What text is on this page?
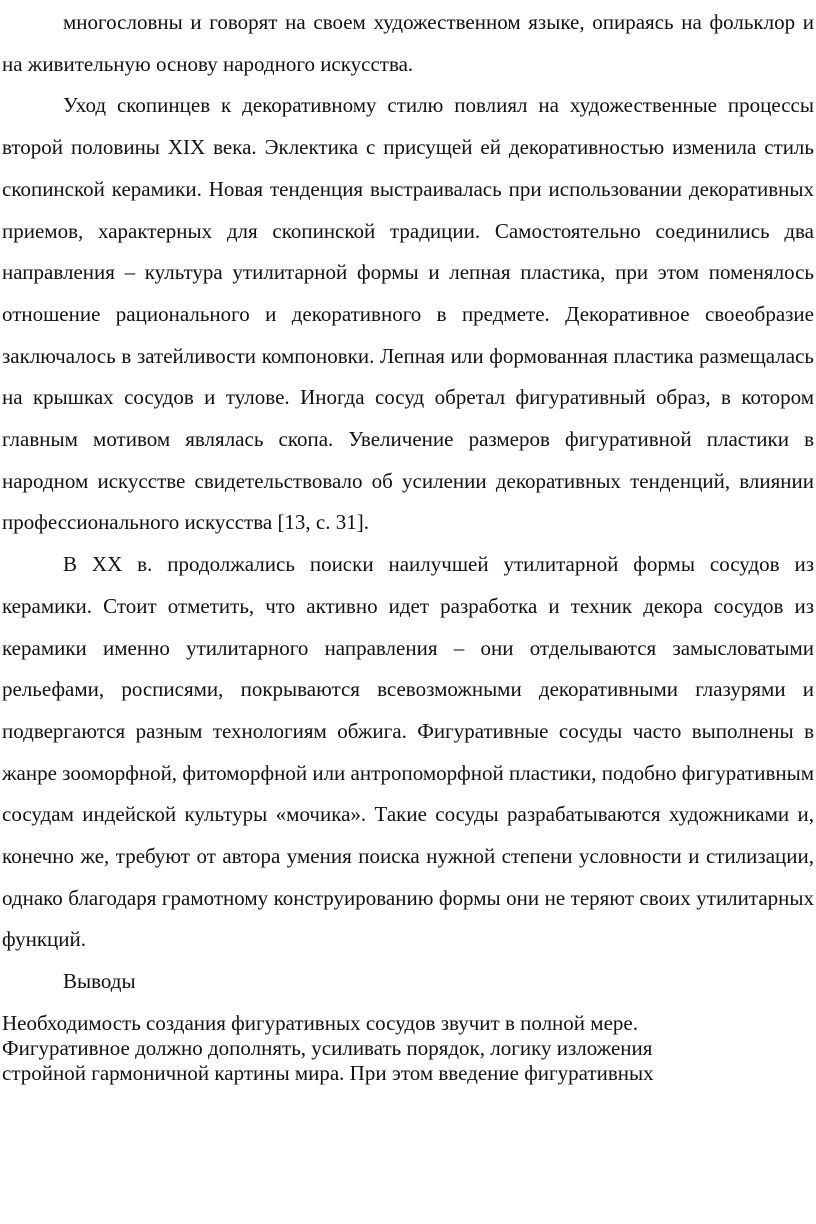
многословны и говорят на своем художественном языке, опираясь на фольклор и на живительную основу народного искусства.

Уход скопинцев к декоративному стилю повлиял на художественные процессы второй половины XIX века. Эклектика с присущей ей декоративностью изменила стиль скопинской керамики. Новая тенденция выстраивалась при использовании декоративных приемов, характерных для скопинской традиции. Самостоятельно соединились два направления – культура утилитарной формы и лепная пластика, при этом поменялось отношение рационального и декоративного в предмете. Декоративное своеобразие заключалось в затейливости компоновки. Лепная или формованная пластика размещалась на крышках сосудов и тулове. Иногда сосуд обретал фигуративный образ, в котором главным мотивом являлась скопа. Увеличение размеров фигуративной пластики в народном искусстве свидетельствовало об усилении декоративных тенденций, влиянии профессионального искусства [13, с. 31].

В XX в. продолжались поиски наилучшей утилитарной формы сосудов из керамики. Стоит отметить, что активно идет разработка и техник декора сосудов из керамики именно утилитарного направления – они отделываются замысловатыми рельефами, росписями, покрываются всевозможными декоративными глазурями и подвергаются разным технологиям обжига. Фигуративные сосуды часто выполнены в жанре зооморфной, фитоморфной или антропоморфной пластики, подобно фигуративным сосудам индейской культуры «мочика». Такие сосуды разрабатываются художниками и, конечно же, требуют от автора умения поиска нужной степени условности и стилизации, однако благодаря грамотному конструированию формы они не теряют своих утилитарных функций.

Выводы

Необходимость создания фигуративных сосудов звучит в полной мере.
Фигуративное должно дополнять, усиливать порядок, логику изложения
стройной гармоничной картины мира. При этом введение фигуративных
